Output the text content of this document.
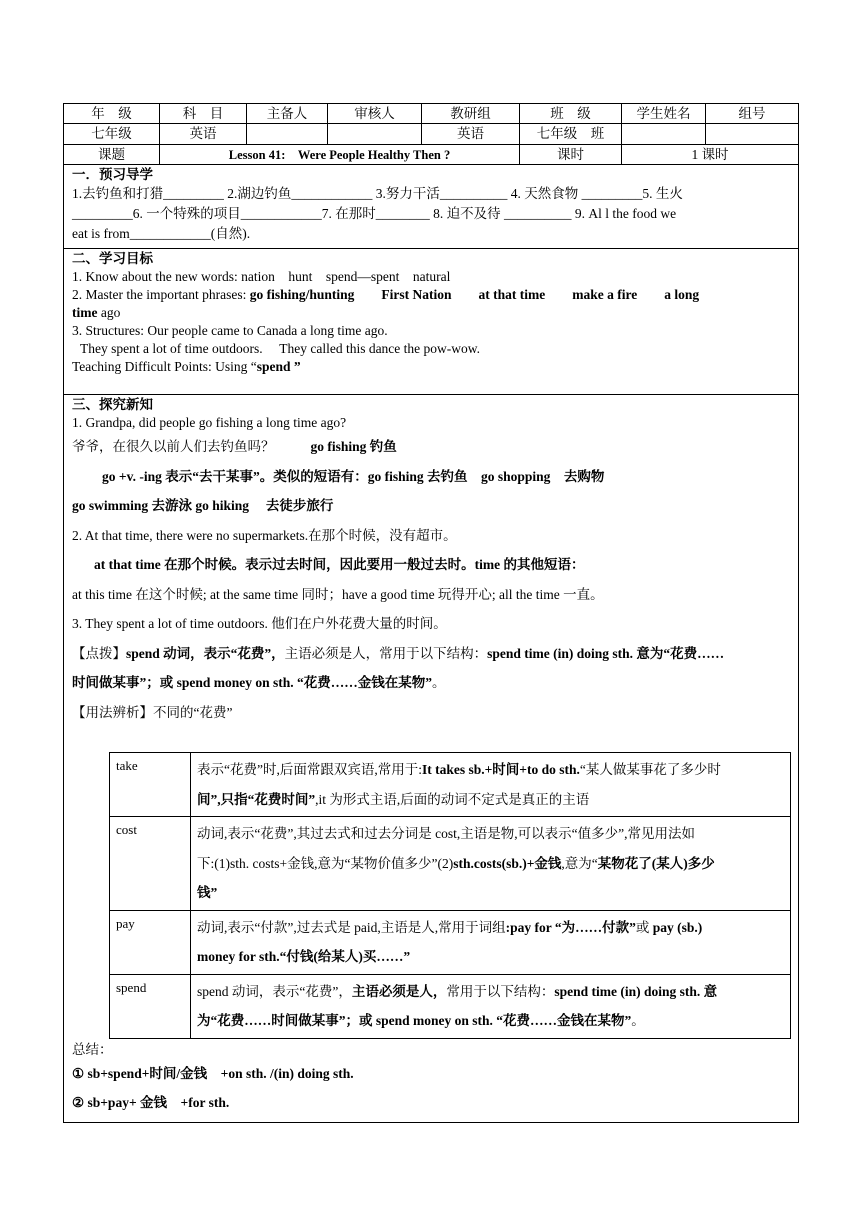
年　级	科　目	主备人	审核人	教研组	班　级	学生姓名	组号
七年级	英语			英语	七年级　班		
课题	Lesson 41:　Were People Healthy Then ?	课时	1 课时

一．预习导学
1.去钓鱼和打猎_________ 2.湖边钓鱼____________ 3.努力干活__________ 4. 天然食物 _________5. 生火
_________6. 一个特殊的项目____________7. 在那时________ 8. 迫不及待 __________ 9. Al l the food we
eat is from____________(自然).

二、学习目标
1. Know about the new words: nation　hunt　spend—spent　natural
2. Master the important phrases: go fishing/hunting　　First Nation　　at that time　　make a fire　　a long
time ago
3. Structures: Our people came to Canada a long time ago.
They spent a lot of time outdoors.　 They called this dance the pow-wow.
Teaching Difficult Points: Using “spend ”

三、探究新知
1. Grandpa, did people go fishing a long time ago?
爷爷，在很久以前人们去钓鱼吗？	go fishing 钓鱼
go +v. -ing 表示“去干某事”。类似的短语有：go fishing 去钓鱼　go shopping　去购物
go swimming 去游泳 go hiking　 去徒步旅行
2. At that time, there were no supermarkets.在那个时候，没有超市。
at that time 在那个时候。表示过去时间，因此要用一般过去时。time 的其他短语：
at this time 在这个时候; at the same time 同时；have a good time 玩得开心; all the time 一直。
3. They spent a lot of time outdoors. 他们在户外花费大量的时间。
【点拨】spend 动词，表示“花费”，主语必须是人，常用于以下结构：spend time (in) doing sth. 意为“花费……
时间做某事”；或 spend money on sth. “花费……金钱在某物”。
【用法辨析】不同的“花费”
take	表示“花费”时,后面常跟双宾语,常用于:It takes sb.+时间+to do sth.“某人做某事花了多少时
间”,只指“花费时间”,it 为形式主语,后面的动词不定式是真正的主语

cost	动词,表示“花费”,其过去式和过去分词是 cost,主语是物,可以表示“值多少”,常见用法如
下:(1)sth. costs+金钱,意为“某物价值多少”(2)sth.costs(sb.)+金钱,意为“某物花了(某人)多少
钱”

pay	动词,表示“付款”,过去式是 paid,主语是人,常用于词组:pay for “为……付款”或 pay (sb.)
money for sth.“付钱(给某人)买……”

spend	spend 动词，表示“花费”，主语必须是人，常用于以下结构：spend time (in) doing sth. 意
为“花费……时间做某事”；或 spend money on sth. “花费……金钱在某物”。
总结：
① sb+spend+时间/金钱　+on sth. /(in) doing sth.
② sb+pay+ 金钱　+for sth.
